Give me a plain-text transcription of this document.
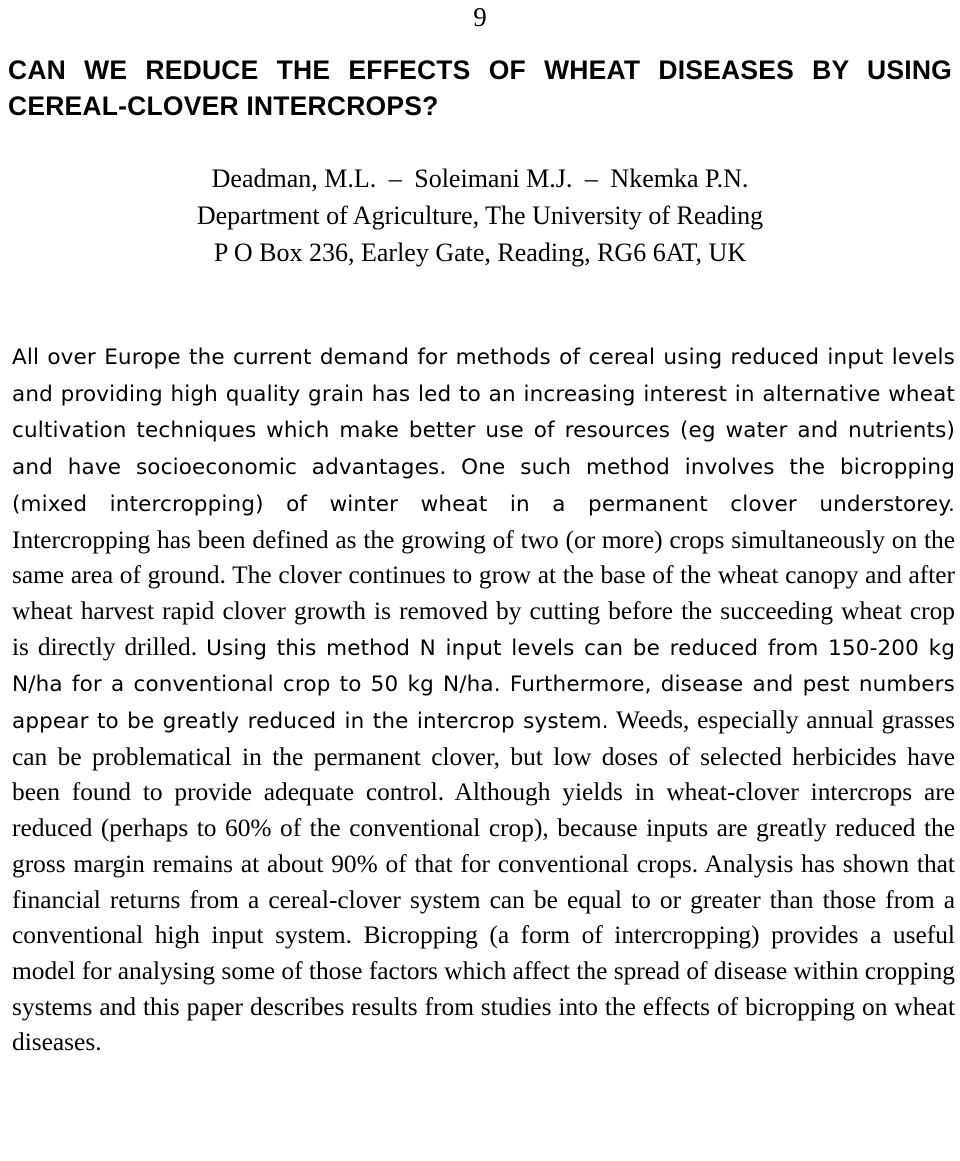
9
CAN WE REDUCE THE EFFECTS OF WHEAT DISEASES BY USING CEREAL-CLOVER INTERCROPS?
Deadman, M.L. – Soleimani M.J. – Nkemka P.N.
Department of Agriculture, The University of Reading
P O Box 236, Earley Gate, Reading, RG6 6AT, UK

All over Europe the current demand for methods of cereal using reduced input levels and providing high quality grain has led to an increasing interest in alternative wheat cultivation techniques which make better use of resources (eg water and nutrients) and have socioeconomic advantages. One such method involves the bicropping (mixed intercropping) of winter wheat in a permanent clover understorey. Intercropping has been defined as the growing of two (or more) crops simultaneously on the same area of ground. The clover continues to grow at the base of the wheat canopy and after wheat harvest rapid clover growth is removed by cutting before the succeeding wheat crop is directly drilled. Using this method N input levels can be reduced from 150-200 kg N/ha for a conventional crop to 50 kg N/ha. Furthermore, disease and pest numbers appear to be greatly reduced in the intercrop system. Weeds, especially annual grasses can be problematical in the permanent clover, but low doses of selected herbicides have been found to provide adequate control. Although yields in wheat-clover intercrops are reduced (perhaps to 60% of the conventional crop), because inputs are greatly reduced the gross margin remains at about 90% of that for conventional crops. Analysis has shown that financial returns from a cereal-clover system can be equal to or greater than those from a conventional high input system. Bicropping (a form of intercropping) provides a useful model for analysing some of those factors which affect the spread of disease within cropping systems and this paper describes results from studies into the effects of bicropping on wheat diseases.
